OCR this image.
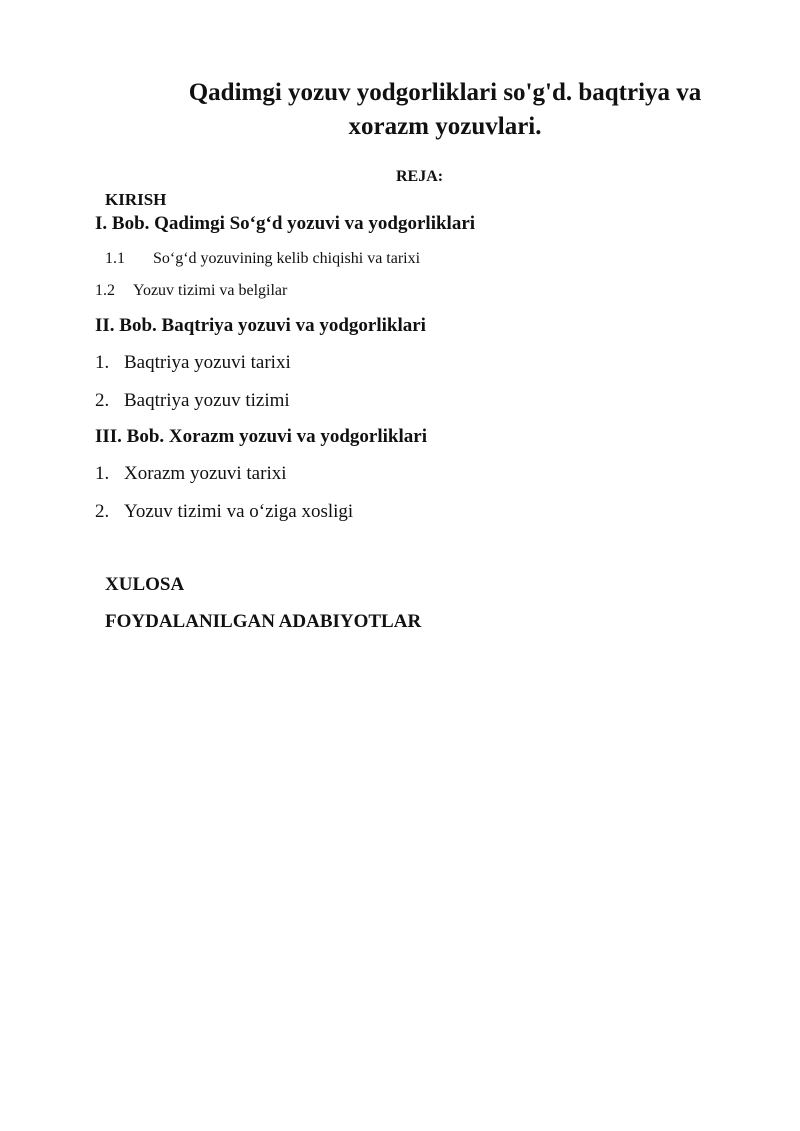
Qadimgi yozuv yodgorliklari so'g'd. baqtriya va xorazm yozuvlari.

REJA:

KIRISH

I. Bob. Qadimgi So‘g‘d yozuvi va yodgorliklari

1.1 So‘g‘d yozuvining kelib chiqishi va tarixi

1.2 Yozuv tizimi va belgilar

II. Bob. Baqtriya yozuvi va yodgorliklari

1. Baqtriya yozuvi tarixi

2. Baqtriya yozuv tizimi

III. Bob. Xorazm yozuvi va yodgorliklari

1. Xorazm yozuvi tarixi

2. Yozuv tizimi va o‘ziga xosligi

XULOSA

FOYDALANILGAN ADABIYOTLAR
